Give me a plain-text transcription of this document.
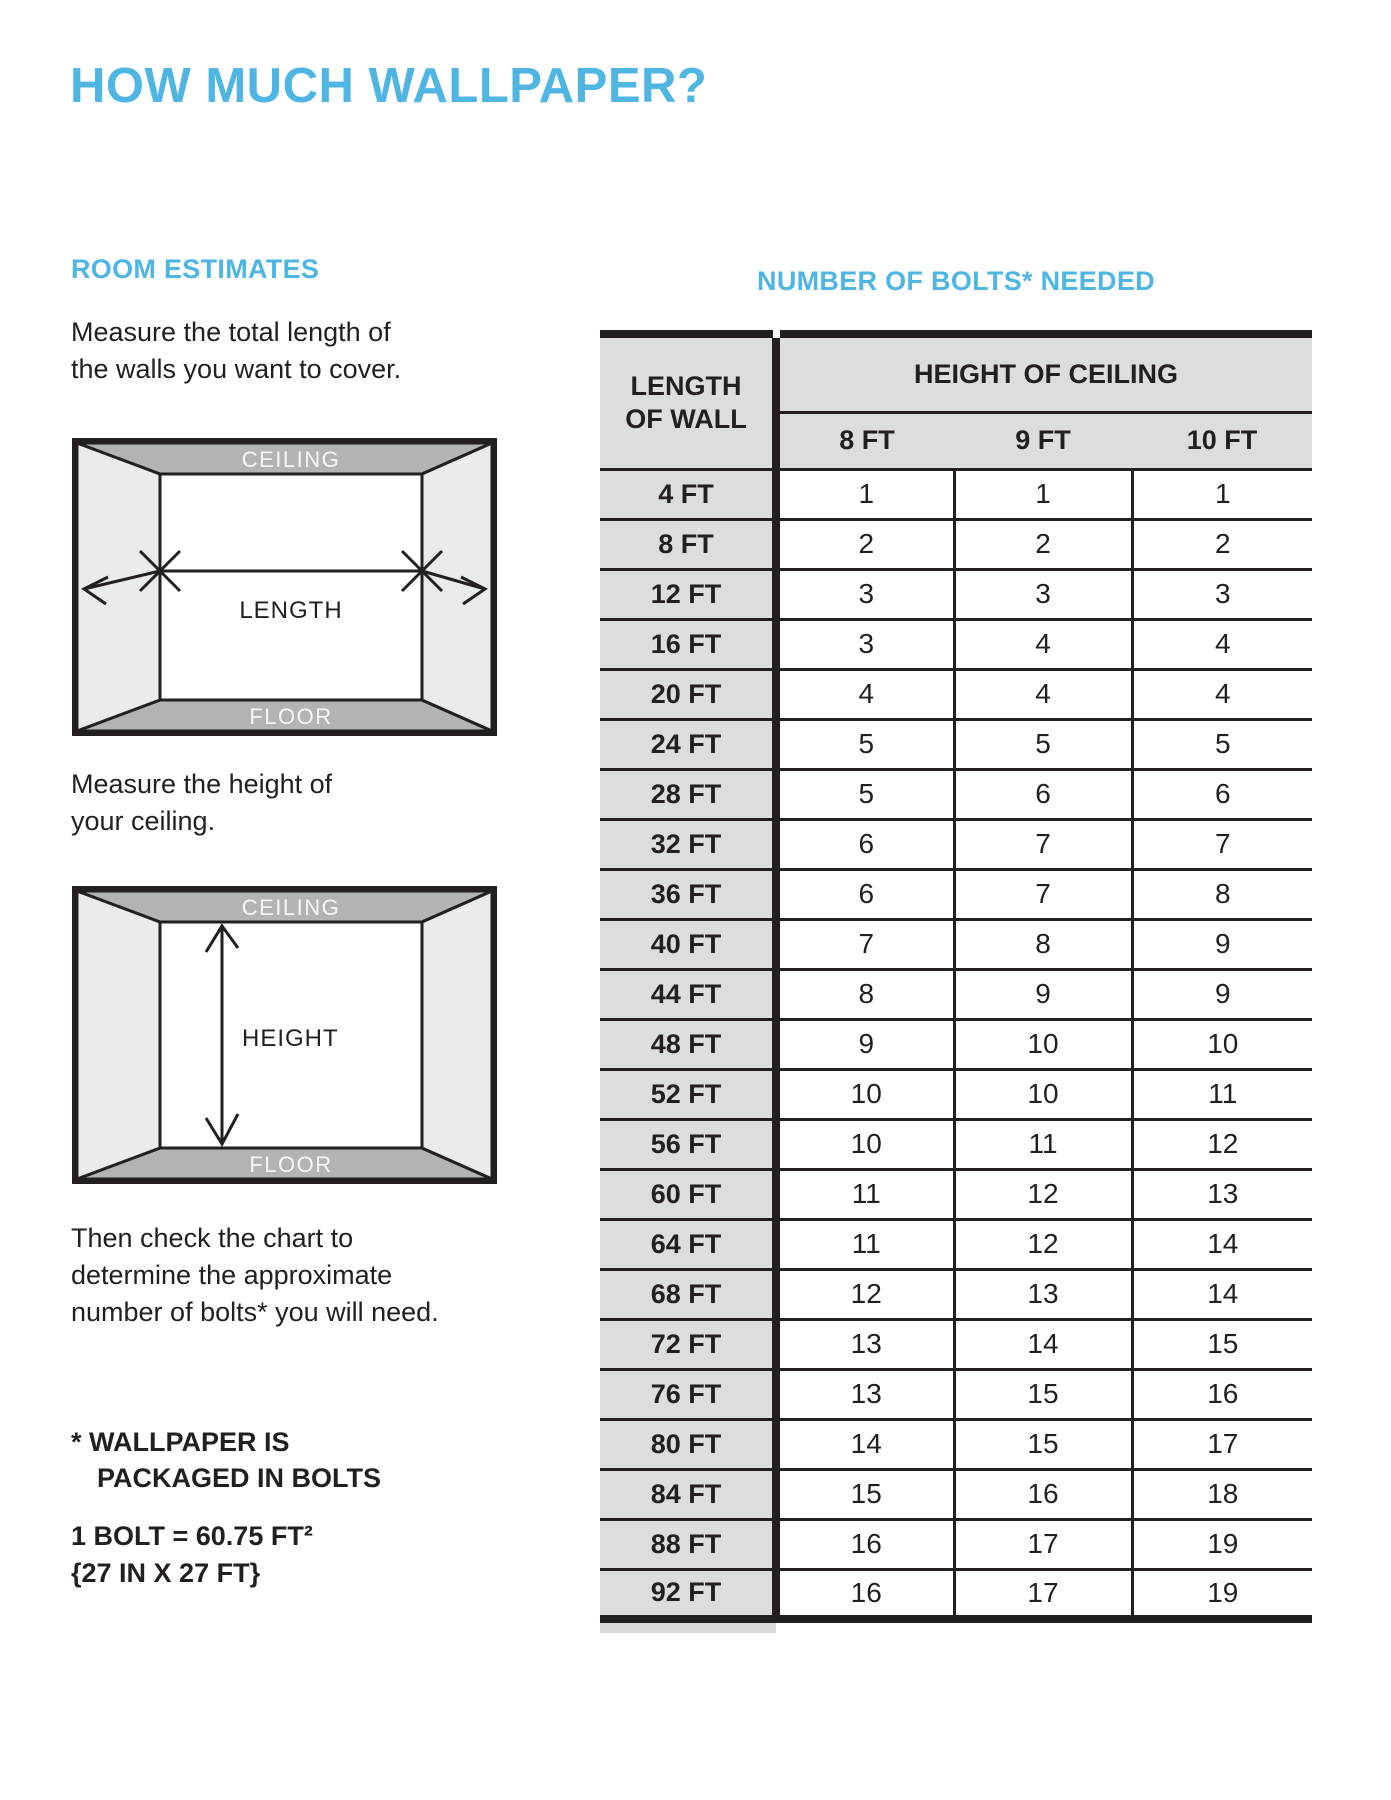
HOW MUCH WALLPAPER?
ROOM ESTIMATES

Measure the total length of
the walls you want to cover.

CEILING
FLOOR
LENGTH

Measure the height of
your ceiling.

CEILING
FLOOR
HEIGHT

Then check the chart to
determine the approximate
number of bolts* you will need.

* WALLPAPER IS
PACKAGED IN BOLTS

1 BOLT = 60.75 FT²
{27 IN X 27 FT}

NUMBER OF BOLTS* NEEDED
LENGTH
OF WALL	HEIGHT OF CEILING		
	8 FT	9 FT	10 FT
4 FT	1	1	1
8 FT	2	2	2
12 FT	3	3	3
16 FT	3	4	4
20 FT	4	4	4
24 FT	5	5	5
28 FT	5	6	6
32 FT	6	7	7
36 FT	6	7	8
40 FT	7	8	9
44 FT	8	9	9
48 FT	9	10	10
52 FT	10	10	11
56 FT	10	11	12
60 FT	11	12	13
64 FT	11	12	14
68 FT	12	13	14
72 FT	13	14	15
76 FT	13	15	16
80 FT	14	15	17
84 FT	15	16	18
88 FT	16	17	19
92 FT	16	17	19
